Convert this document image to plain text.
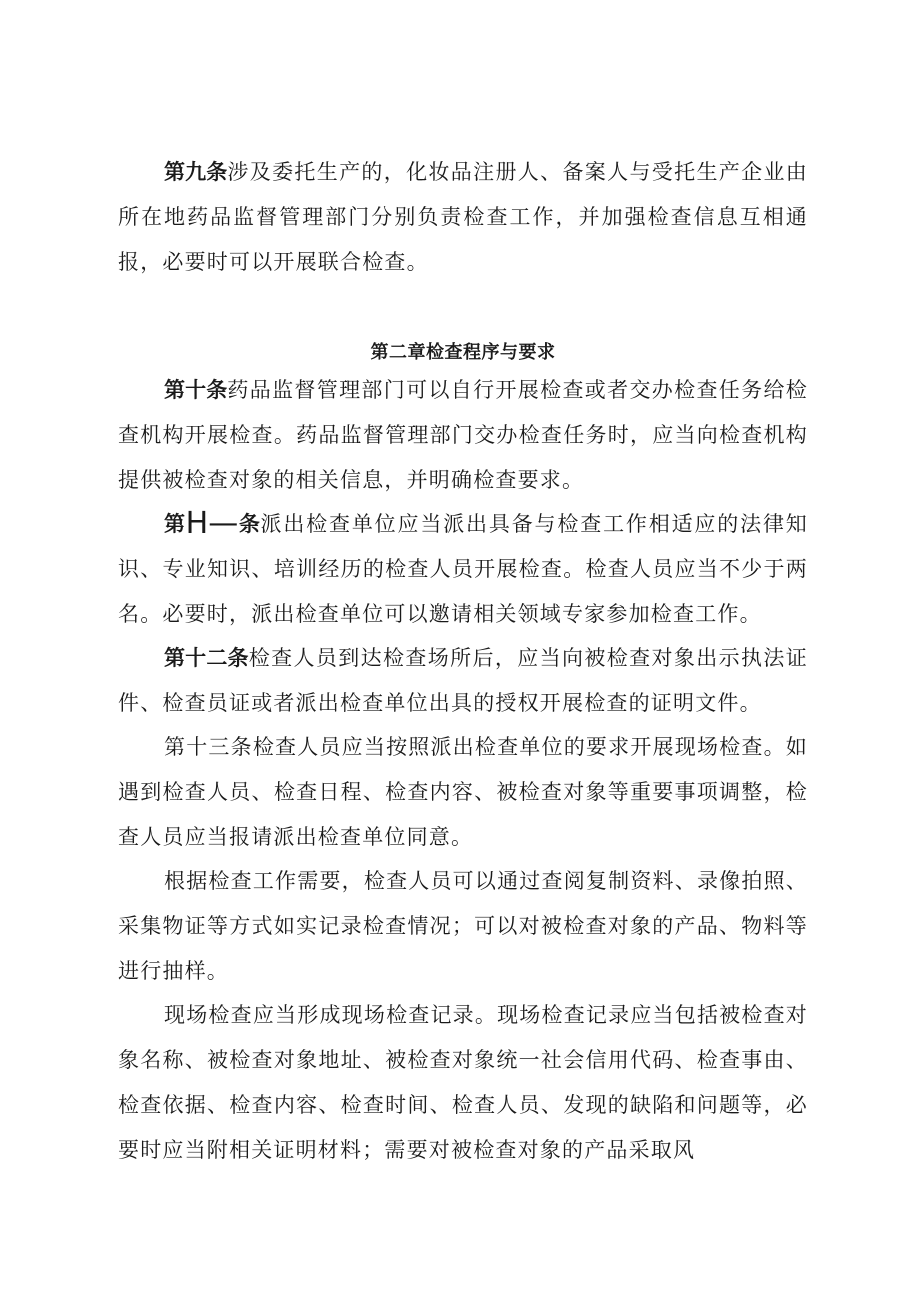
第九条涉及委托生产的，化妆品注册人、备案人与受托生产企业由所在地药品监督管理部门分别负责检查工作，并加强检查信息互相通报，必要时可以开展联合检查。

第二章检查程序与要求

第十条药品监督管理部门可以自行开展检查或者交办检查任务给检查机构开展检查。药品监督管理部门交办检查任务时，应当向检查机构提供被检查对象的相关信息，并明确检查要求。

第H—条派出检查单位应当派出具备与检查工作相适应的法律知识、专业知识、培训经历的检查人员开展检查。检查人员应当不少于两名。必要时，派出检查单位可以邀请相关领域专家参加检查工作。

第十二条检查人员到达检查场所后，应当向被检查对象出示执法证件、检查员证或者派出检查单位出具的授权开展检查的证明文件。

第十三条检查人员应当按照派出检查单位的要求开展现场检查。如遇到检查人员、检查日程、检查内容、被检查对象等重要事项调整，检查人员应当报请派出检查单位同意。

根据检查工作需要，检查人员可以通过查阅复制资料、录像拍照、采集物证等方式如实记录检查情况；可以对被检查对象的产品、物料等进行抽样。

现场检查应当形成现场检查记录。现场检查记录应当包括被检查对象名称、被检查对象地址、被检查对象统一社会信用代码、检查事由、检查依据、检查内容、检查时间、检查人员、发现的缺陷和问题等，必要时应当附相关证明材料；需要对被检查对象的产品采取风
